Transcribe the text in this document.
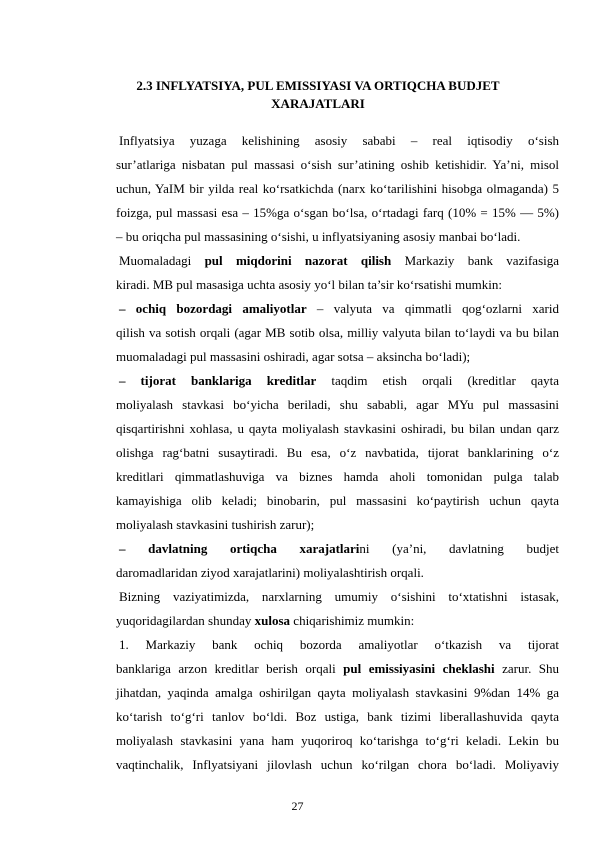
2.3 INFLYATSIYA, PUL EMISSIYASI VA ORTIQCHA BUDJET
XARAJATLARI
Inflyatsiya yuzaga kelishining asosiy sababi – real iqtisodiy o‘sish
sur’atlariga nisbatan pul massasi o‘sish sur’atining oshib ketishidir. Ya’ni, misol
uchun, YaIM bir yilda real ko‘rsatkichda (narx ko‘tarilishini hisobga olmaganda) 5
foizga, pul massasi esa – 15%ga o‘sgan bo‘lsa, o‘rtadagi farq (10% = 15% — 5%)
– bu oriqcha pul massasining o‘sishi, u inflyatsiyaning asosiy manbai bo‘ladi.
Muomaladagi pul miqdorini nazorat qilish Markaziy bank vazifasiga
kiradi. MB pul masasiga uchta asosiy yo‘l bilan ta’sir ko‘rsatishi mumkin:
– ochiq bozordagi amaliyotlar – valyuta va qimmatli qog‘ozlarni xarid
qilish va sotish orqali (agar MB sotib olsa, milliy valyuta bilan to‘laydi va bu bilan
muomaladagi pul massasini oshiradi, agar sotsa – aksincha bo‘ladi);
– tijorat banklariga kreditlar taqdim etish orqali (kreditlar qayta
moliyalash stavkasi bo‘yicha beriladi, shu sababli, agar MYu pul massasini
qisqartirishni xohlasa, u qayta moliyalash stavkasini oshiradi, bu bilan undan qarz
olishga rag‘batni susaytiradi. Bu esa, o‘z navbatida, tijorat banklarining o‘z
kreditlari qimmatlashuviga va biznes hamda aholi tomonidan pulga talab
kamayishiga olib keladi; binobarin, pul massasini ko‘paytirish uchun qayta
moliyalash stavkasini tushirish zarur);
– davlatning ortiqcha xarajatlarini (ya’ni, davlatning budjet
daromadlaridan ziyod xarajatlarini) moliyalashtirish orqali.
Bizning vaziyatimizda, narxlarning umumiy o‘sishini to‘xtatishni istasak,
yuqoridagilardan shunday xulosa chiqarishimiz mumkin:
1. Markaziy bank ochiq bozorda amaliyotlar o‘tkazish va tijorat
banklariga arzon kreditlar berish orqali pul emissiyasini cheklashi zarur. Shu
jihatdan, yaqinda amalga oshirilgan qayta moliyalash stavkasini 9%dan 14% ga
ko‘tarish to‘g‘ri tanlov bo‘ldi. Boz ustiga, bank tizimi liberallashuvida qayta
moliyalash stavkasini yana ham yuqoriroq ko‘tarishga to‘g‘ri keladi. Lekin bu
vaqtinchalik, Inflyatsiyani jilovlash uchun ko‘rilgan chora bo‘ladi. Moliyaviy
27
